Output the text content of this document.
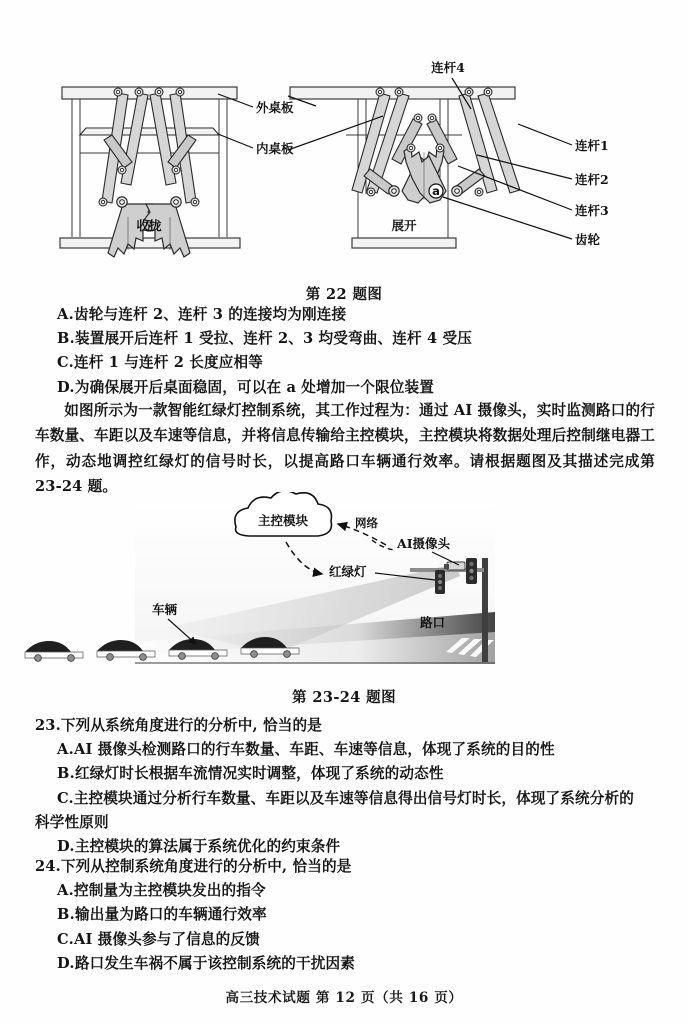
收拢
a
展开
外桌板
内桌板
连杆4
连杆1
连杆2
连杆3
齿轮
第 22 题图
A.齿轮与连杆 2、连杆 3 的连接均为刚连接
B.装置展开后连杆 1 受拉、连杆 2、3 均受弯曲、连杆 4 受压
C.连杆 1 与连杆 2 长度应相等
D.为确保展开后桌面稳固，可以在 a 处增加一个限位装置
如图所示为一款智能红绿灯控制系统，其工作过程为：通过 AI 摄像头，实时监测路口的行车数量、车距以及车速等信息，并将信息传输给主控模块，主控模块将数据处理后控制继电器工作，动态地调控红绿灯的信号时长，以提高路口车辆通行效率。请根据题图及其描述完成第 23-24 题。
主控模块	网络
AI摄像头
红绿灯
车辆
路口
第 23-24 题图
23.下列从系统角度进行的分析中, 恰当的是
A.AI 摄像头检测路口的行车数量、车距、车速等信息，体现了系统的目的性
B.红绿灯时长根据车流情况实时调整，体现了系统的动态性
C.主控模块通过分析行车数量、车距以及车速等信息得出信号灯时长，体现了系统分析的
科学性原则
D.主控模块的算法属于系统优化的约束条件
24.下列从控制系统角度进行的分析中, 恰当的是
A.控制量为主控模块发出的指令
B.输出量为路口的车辆通行效率
C.AI 摄像头参与了信息的反馈
D.路口发生车祸不属于该控制系统的干扰因素
高三技术试题 第 12 页（共 16 页）
